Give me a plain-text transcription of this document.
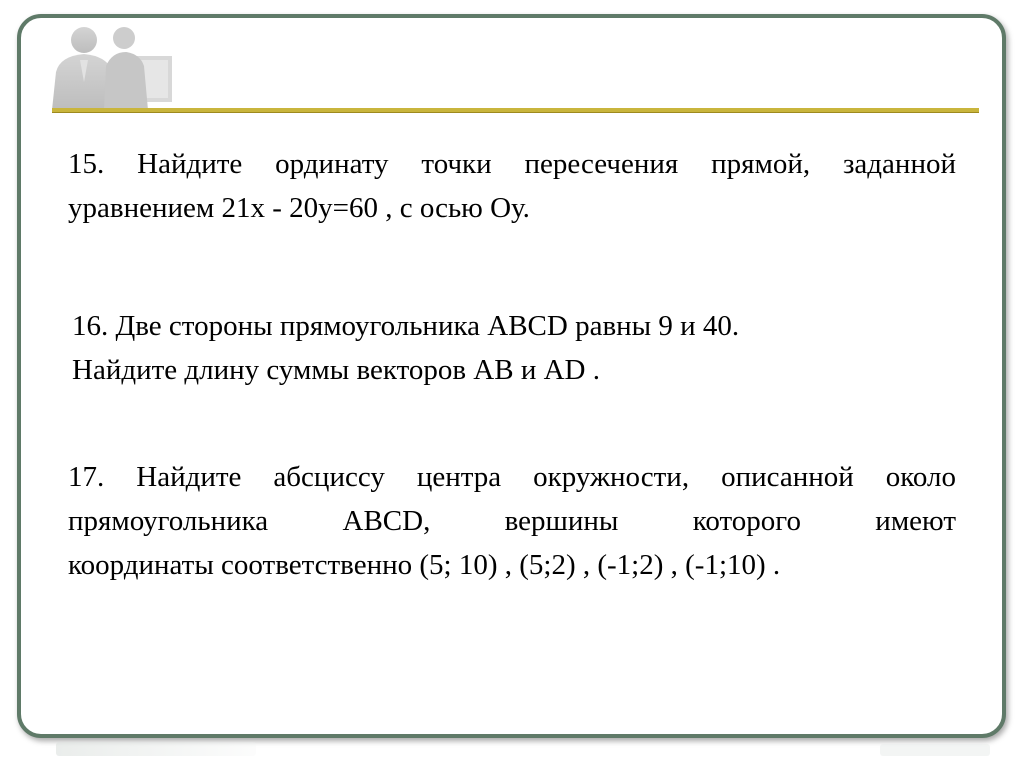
15. Найдите ординату точки пересечения прямой, заданной
уравнением 21х - 20у=60 , с осью Оу.
16. Две стороны прямоугольника ABCD равны 9 и 40.
Найдите длину суммы векторов АВ и AD .
17. Найдите абсциссу центра окружности, описанной около
прямоугольника ABCD, вершины которого имеют
координаты соответственно (5; 10) , (5;2) , (-1;2) , (-1;10) .
